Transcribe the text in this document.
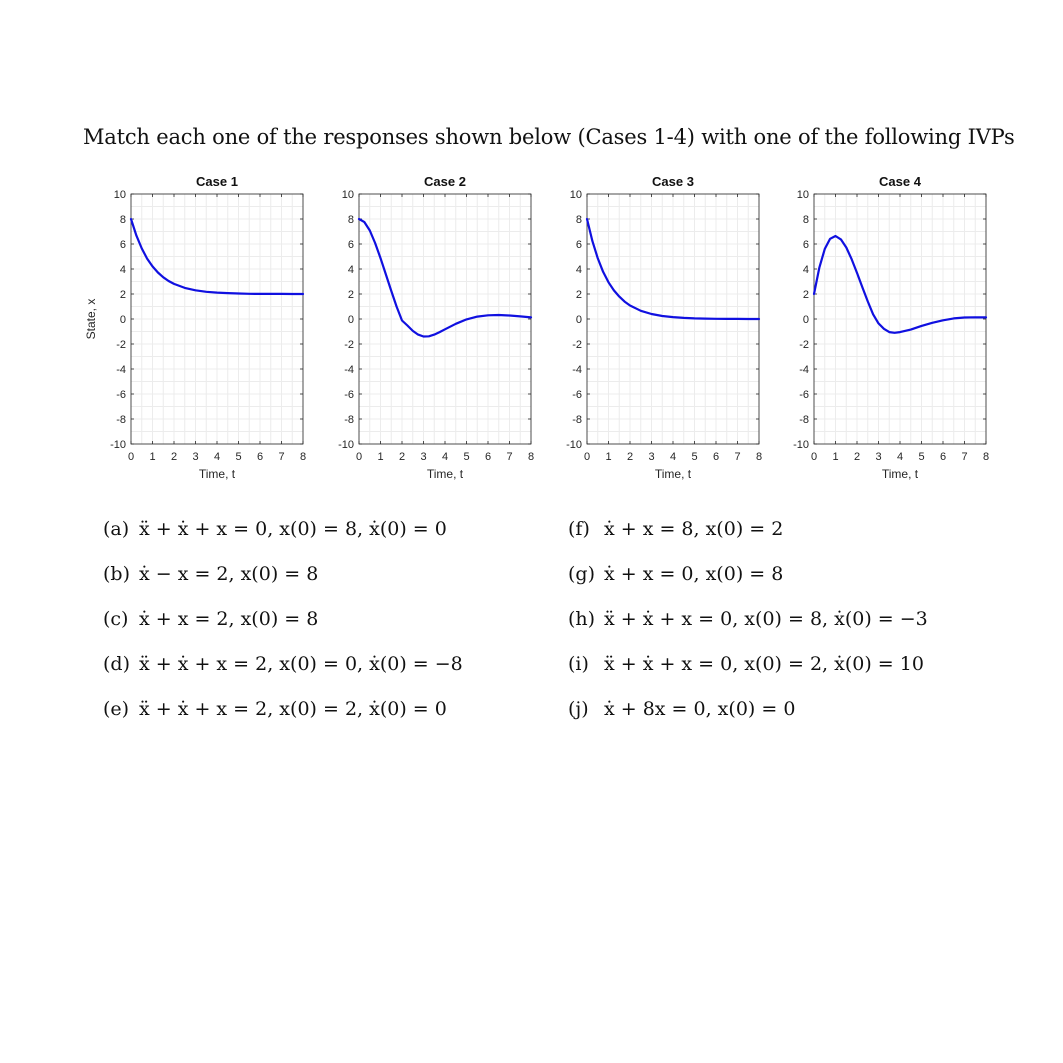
Match each one of the responses shown below (Cases 1-4) with one of the following IVPs
-10
-8
-6
-4
-2
0
2
4
6
8
10
0 1 2 3 4 5 6 7 8
Case 1
Time, t
State, x
-10
-8
-6
-4
-2
0
2
4
6
8
10
0 1 2 3 4 5 6 7 8
Case 2
Time, t
-10
-8
-6
-4
-2
0
2
4
6
8
10
0 1 2 3 4 5 6 7 8
Case 3
Time, t
-10
-8
-6
-4
-2
0
2
4
6
8
10
0 1 2 3 4 5 6 7 8
Case 4
Time, t
(a) ẍ + ẋ + x = 0, x(0) = 8, ẋ(0) = 0
(b) ẋ − x = 2, x(0) = 8
(c) ẋ + x = 2, x(0) = 8
(d) ẍ + ẋ + x = 2, x(0) = 0, ẋ(0) = −8
(e) ẍ + ẋ + x = 2, x(0) = 2, ẋ(0) = 0
(f) ẋ + x = 8, x(0) = 2
(g) ẋ + x = 0, x(0) = 8
(h) ẍ + ẋ + x = 0, x(0) = 8, ẋ(0) = −3
(i) ẍ + ẋ + x = 0, x(0) = 2, ẋ(0) = 10
(j) ẋ + 8x = 0, x(0) = 0
